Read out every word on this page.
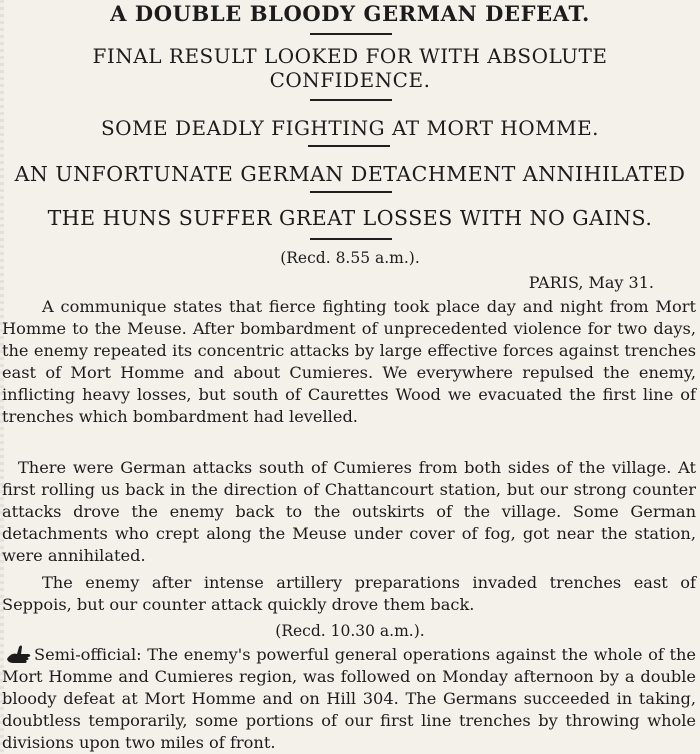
A DOUBLE BLOODY GERMAN DEFEAT.
FINAL RESULT LOOKED FOR WITH ABSOLUTE CONFIDENCE.
SOME DEADLY FIGHTING AT MORT HOMME.
AN UNFORTUNATE GERMAN DETACHMENT ANNIHILATED
THE HUNS SUFFER GREAT LOSSES WITH NO GAINS.
(Recd. 8.55 a.m.).
PARIS, May 31.

A communique states that fierce fighting took place day and night from Mort Homme to the Meuse. After bombardment of unprecedented violence for two days, the enemy repeated its concentric attacks by large effective forces against trenches east of Mort Homme and about Cumieres. We everywhere repulsed the enemy, inflicting heavy losses, but south of Caurettes Wood we evacuated the first line of trenches which bombardment had levelled.

There were German attacks south of Cumieres from both sides of the village. At first rolling us back in the direction of Chattancourt station, but our strong counter attacks drove the enemy back to the outskirts of the village. Some German detachments who crept along the Meuse under cover of fog, got near the station, were annihilated.

The enemy after intense artillery preparations invaded trenches east of Seppois, but our counter attack quickly drove them back.

(Recd. 10.30 a.m.).

Semi-official: The enemy's powerful general operations against the whole of the Mort Homme and Cumieres region, was followed on Monday afternoon by a double bloody defeat at Mort Homme and on Hill 304. The Germans succeeded in taking, doubtless temporarily, some portions of our first line trenches by throwing whole divisions upon two miles of front.
